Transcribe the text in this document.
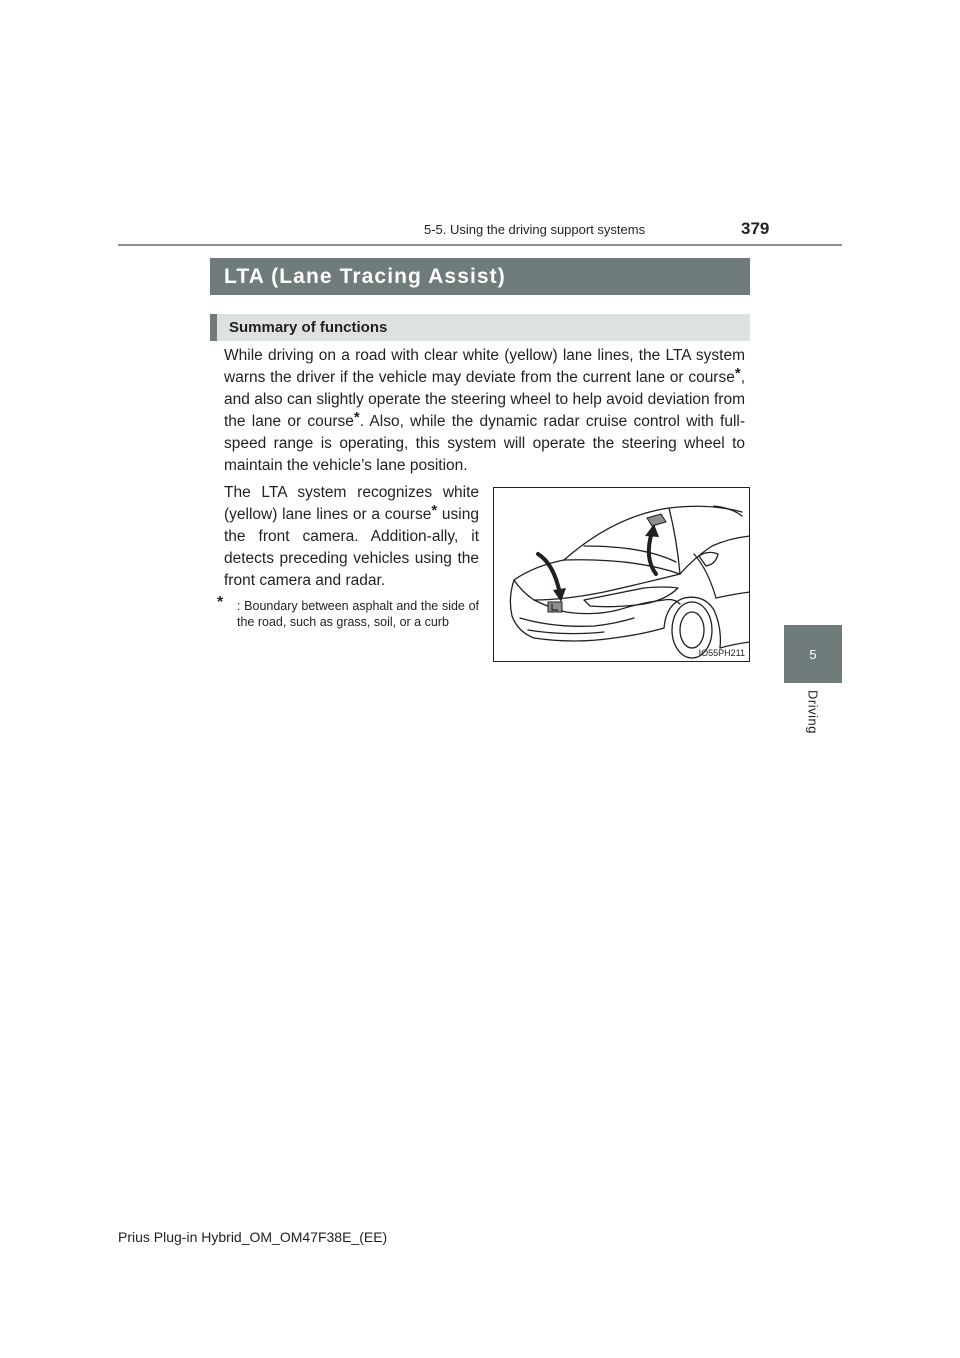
5-5. Using the driving support systems	379
5
Driving
LTA (Lane Tracing Assist)
Summary of functions

While driving on a road with clear white (yellow) lane lines, the LTA system warns the driver if the vehicle may deviate from the current lane or course*, and also can slightly operate the steering wheel to help avoid deviation from the lane or course*. Also, while the dynamic radar cruise control with full-speed range is operating, this system will operate the steering wheel to maintain the vehicle’s lane position.

The LTA system recognizes white (yellow) lane lines or a course* using the front camera. Addition-ally, it detects preceding vehicles using the front camera and radar.

*	: Boundary between asphalt and the side of the road, such as grass, soil, or a curb

IO55PH211
Prius Plug-in Hybrid_OM_OM47F38E_(EE)
